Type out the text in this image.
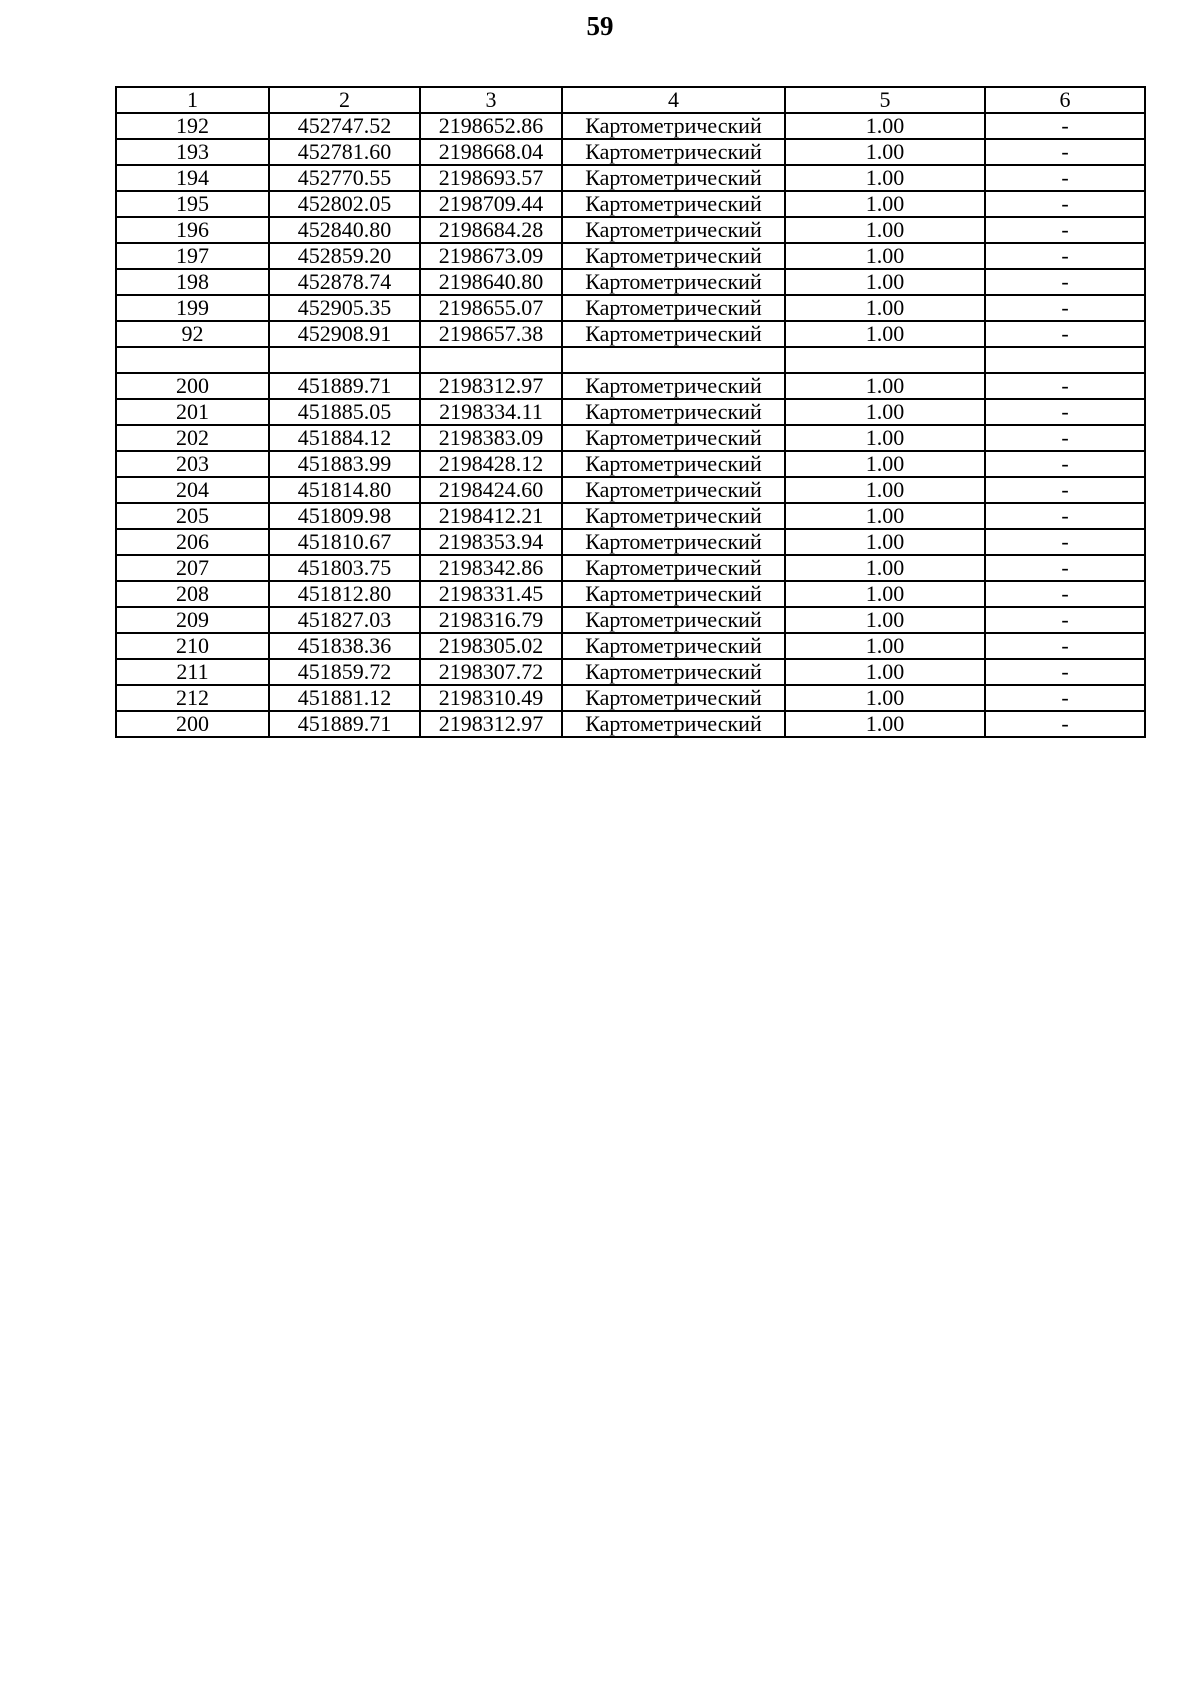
59
1	2	3	4	5	6
192	452747.52	2198652.86	Картометрический	1.00	-
193	452781.60	2198668.04	Картометрический	1.00	-
194	452770.55	2198693.57	Картометрический	1.00	-
195	452802.05	2198709.44	Картометрический	1.00	-
196	452840.80	2198684.28	Картометрический	1.00	-
197	452859.20	2198673.09	Картометрический	1.00	-
198	452878.74	2198640.80	Картометрический	1.00	-
199	452905.35	2198655.07	Картометрический	1.00	-
92	452908.91	2198657.38	Картометрический	1.00	-

200	451889.71	2198312.97	Картометрический	1.00	-
201	451885.05	2198334.11	Картометрический	1.00	-
202	451884.12	2198383.09	Картометрический	1.00	-
203	451883.99	2198428.12	Картометрический	1.00	-
204	451814.80	2198424.60	Картометрический	1.00	-
205	451809.98	2198412.21	Картометрический	1.00	-
206	451810.67	2198353.94	Картометрический	1.00	-
207	451803.75	2198342.86	Картометрический	1.00	-
208	451812.80	2198331.45	Картометрический	1.00	-
209	451827.03	2198316.79	Картометрический	1.00	-
210	451838.36	2198305.02	Картометрический	1.00	-
211	451859.72	2198307.72	Картометрический	1.00	-
212	451881.12	2198310.49	Картометрический	1.00	-
200	451889.71	2198312.97	Картометрический	1.00	-
